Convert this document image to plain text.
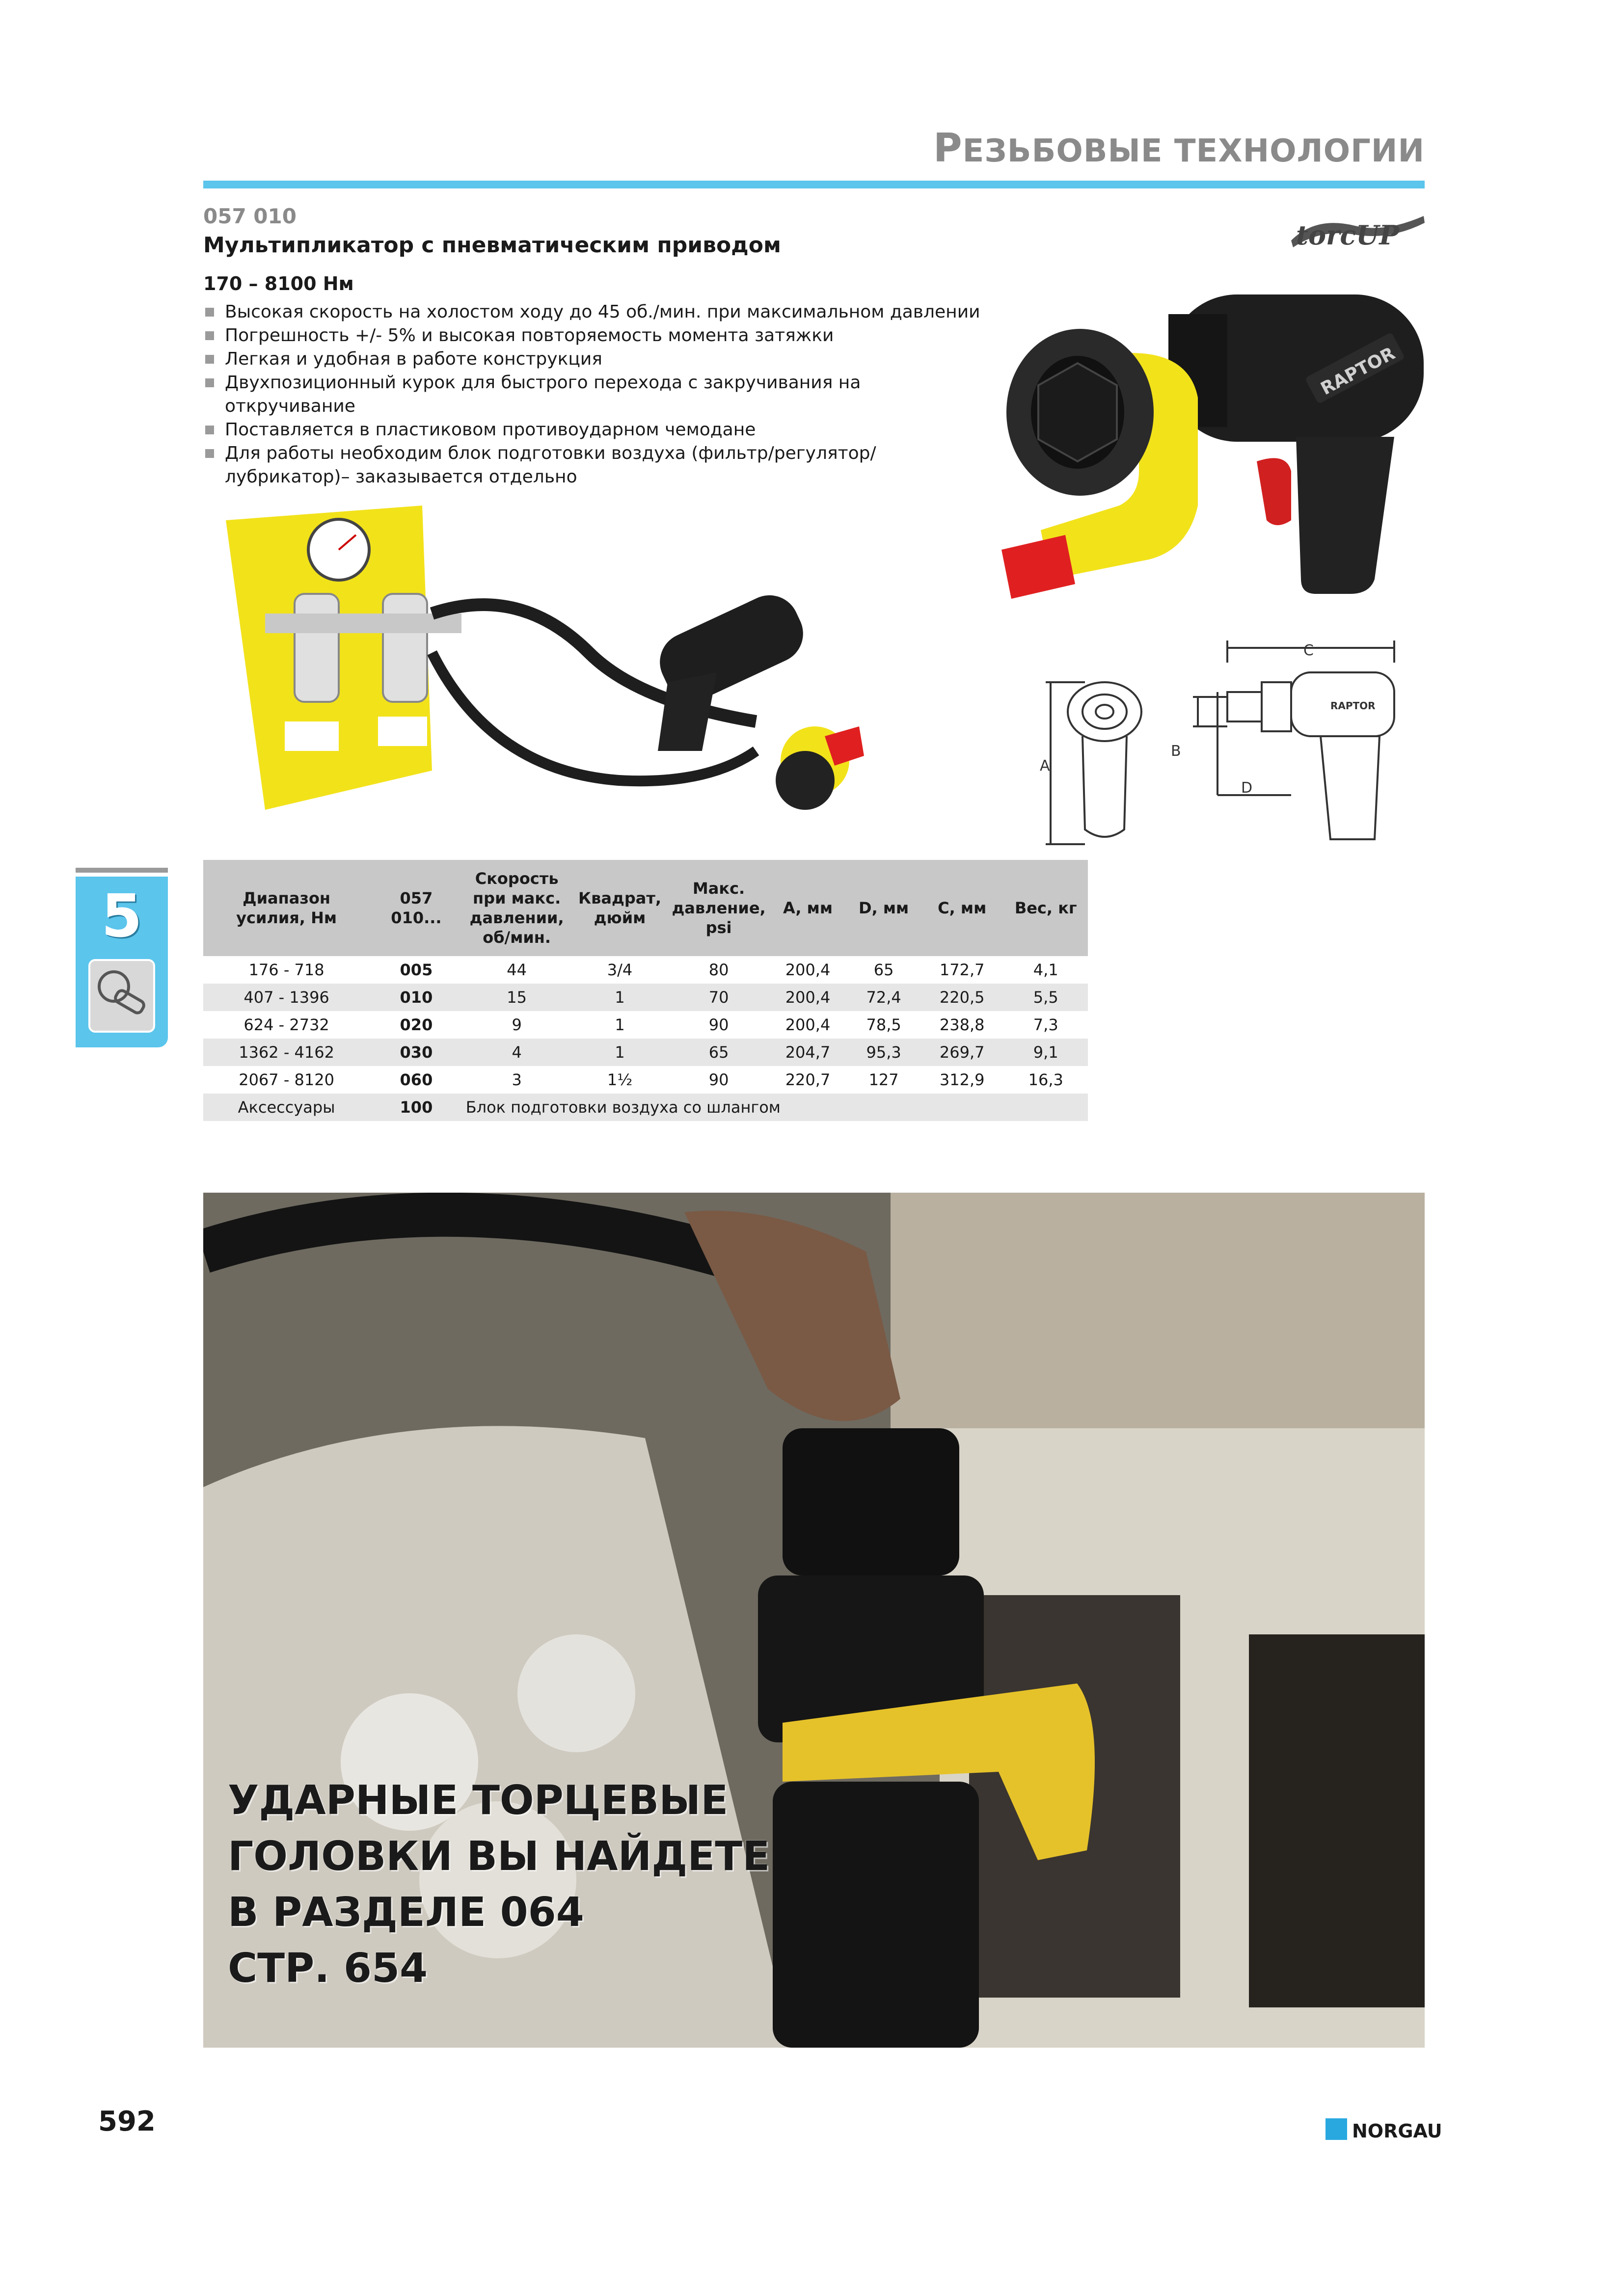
РЕЗЬБОВЫЕ ТЕХНОЛОГИИ
057 010
Мультипликатор с пневматическим приводом
170 – 8100 Нм
Высокая скорость на холостом ходу до 45 об./мин. при максимальном давлении
Погрешность +/- 5% и высокая повторяемость момента затяжки
Легкая и удобная в работе конструкция
Двухпозиционный курок для быстрого перехода с закручивания на откручивание
Поставляется в пластиковом противоударном чемодане
Для работы необходим блок подготовки воздуха (фильтр/регулятор/лубрикатор)– заказывается отдельно
torcUP
RAPTOR
A
B
C
D
RAPTOR
5	Диапазон усилия, Нм	057 010...	Скорость при макс. давлении, об/мин.	Квадрат, дюйм	Макс. давление, psi	A, мм	D, мм	C, мм	Вес, кг
176 - 718	005	44	3/4	80	200,4	65	172,7	4,1
407 - 1396	010	15	1	70	200,4	72,4	220,5	5,5
624 - 2732	020	9	1	90	200,4	78,5	238,8	7,3
1362 - 4162	030	4	1	65	204,7	95,3	269,7	9,1
2067 - 8120	060	3	1½	90	220,7	127	312,9	16,3
Аксессуары	100	Блок подготовки воздуха со шлангом						
УДАРНЫЕ ТОРЦЕВЫЕ
ГОЛОВКИ ВЫ НАЙДЕТЕ
В РАЗДЕЛЕ 064
СТР. 654
592	NORGAU
